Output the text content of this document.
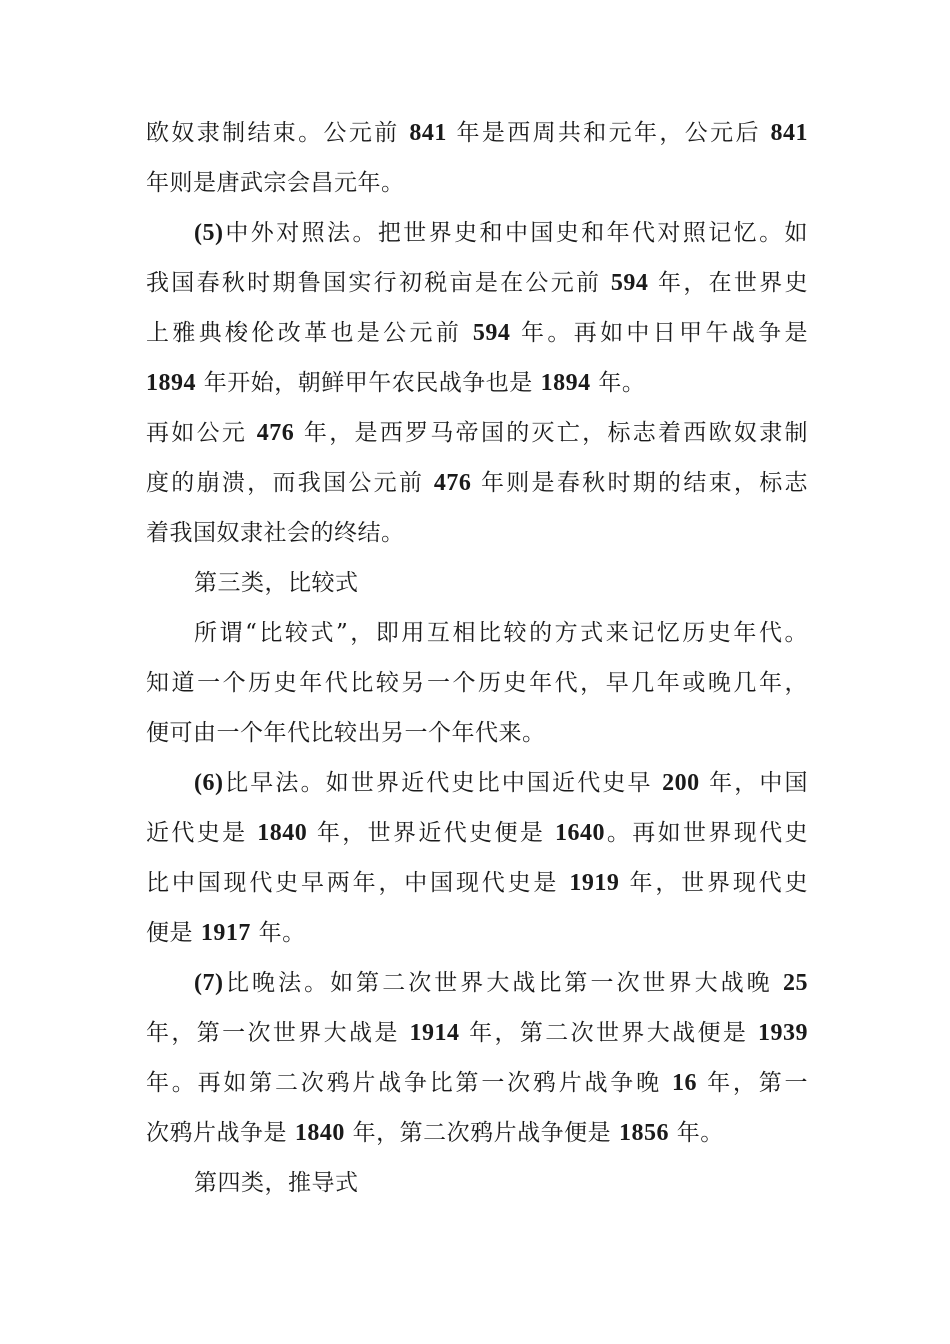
欧奴隶制结束。公元前 841 年是西周共和元年，公元后 841
年则是唐武宗会昌元年。
(5)中外对照法。把世界史和中国史和年代对照记忆。如
我国春秋时期鲁国实行初税亩是在公元前 594 年，在世界史
上雅典梭伦改革也是公元前 594 年。再如中日甲午战争是
1894 年开始，朝鲜甲午农民战争也是 1894 年。
再如公元 476 年，是西罗马帝国的灭亡，标志着西欧奴隶制
度的崩溃，而我国公元前 476 年则是春秋时期的结束，标志
着我国奴隶社会的终结。
第三类，比较式
所谓“比较式”，即用互相比较的方式来记忆历史年代。
知道一个历史年代比较另一个历史年代，早几年或晚几年，
便可由一个年代比较出另一个年代来。
(6)比早法。如世界近代史比中国近代史早 200 年，中国
近代史是 1840 年，世界近代史便是 1640。再如世界现代史
比中国现代史早两年，中国现代史是 1919 年，世界现代史
便是 1917 年。
(7)比晚法。如第二次世界大战比第一次世界大战晚 25
年，第一次世界大战是 1914 年，第二次世界大战便是 1939
年。再如第二次鸦片战争比第一次鸦片战争晚 16 年，第一
次鸦片战争是 1840 年，第二次鸦片战争便是 1856 年。
第四类，推导式
